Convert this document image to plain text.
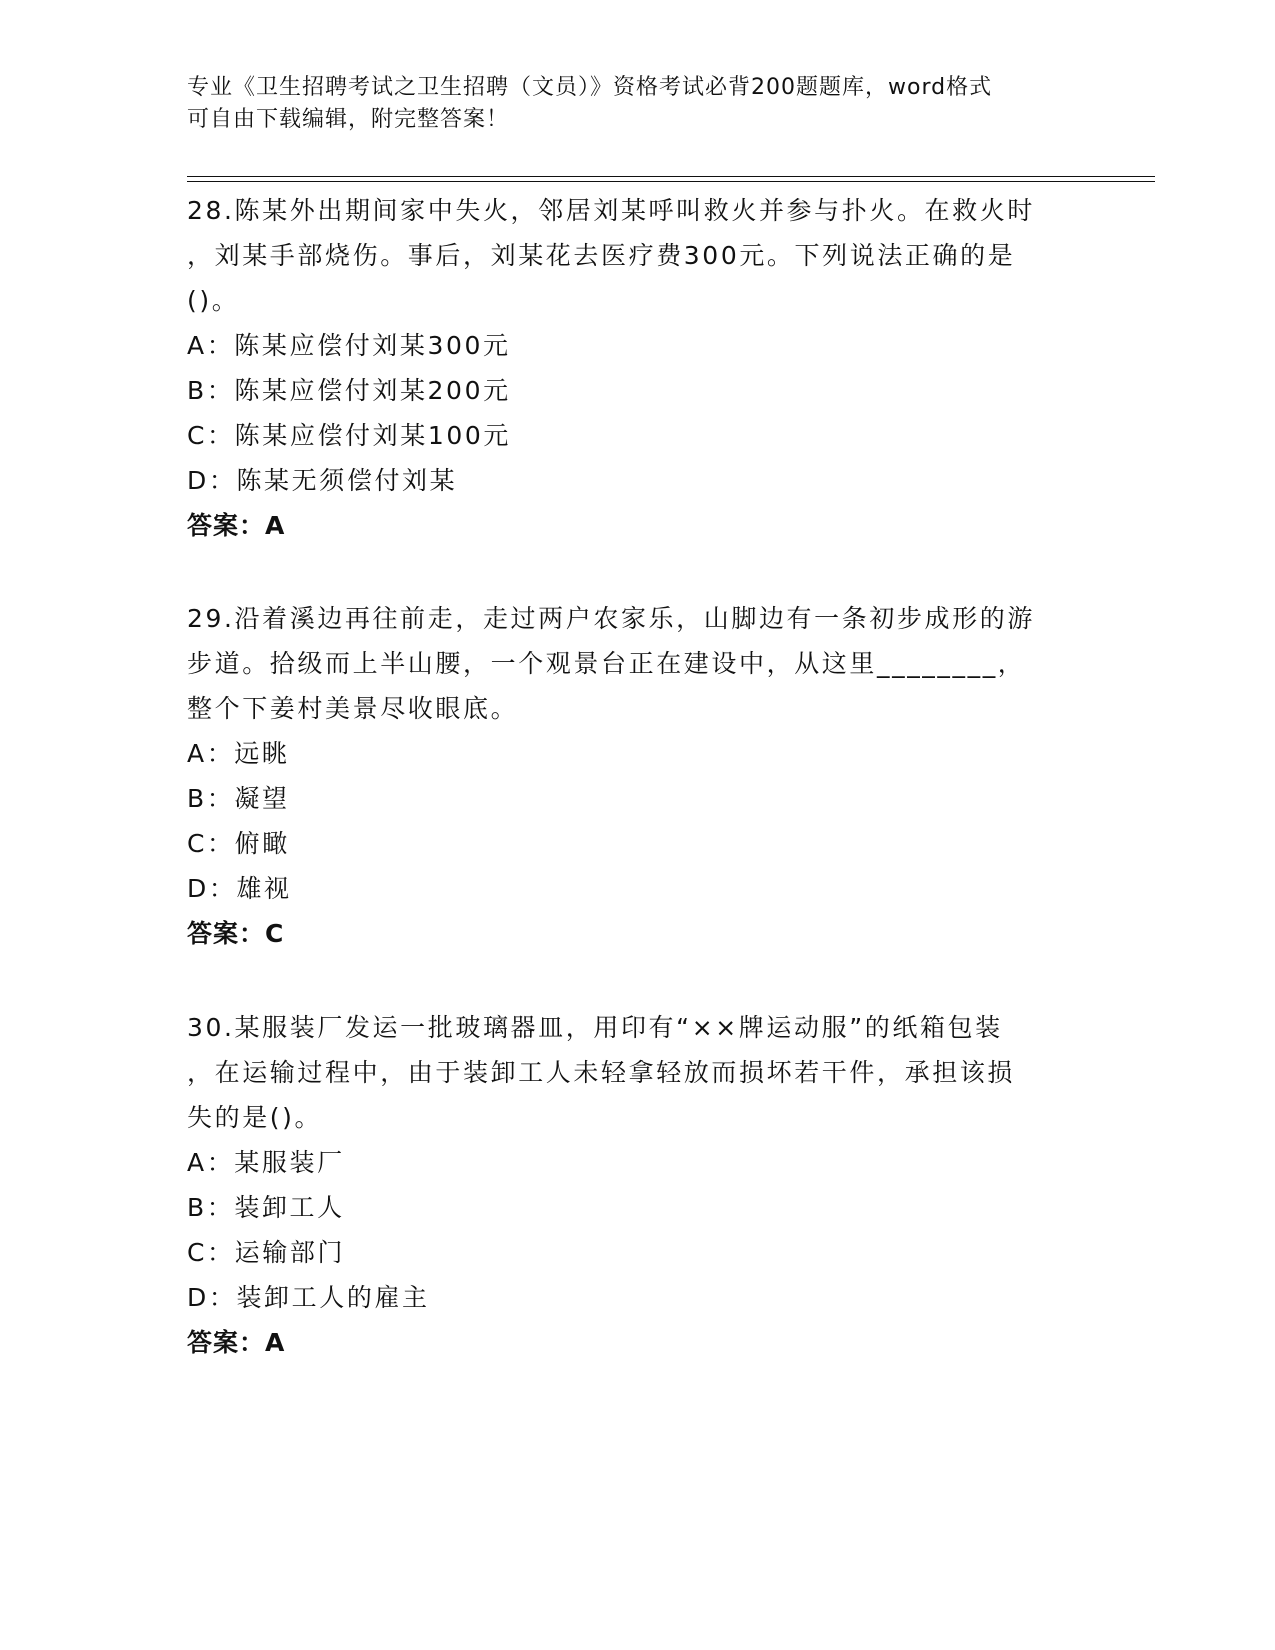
专业《卫生招聘考试之卫生招聘（文员）》资格考试必背200题题库，word格式
可自由下载编辑，附完整答案！
28.陈某外出期间家中失火，邻居刘某呼叫救火并参与扑火。在救火时
，刘某手部烧伤。事后，刘某花去医疗费300元。下列说法正确的是
()。
A：陈某应偿付刘某300元
B：陈某应偿付刘某200元
C：陈某应偿付刘某100元
D：陈某无须偿付刘某
答案：A
29.沿着溪边再往前走，走过两户农家乐，山脚边有一条初步成形的游
步道。拾级而上半山腰，一个观景台正在建设中，从这里________，
整个下姜村美景尽收眼底。
A：远眺
B：凝望
C：俯瞰
D：雄视
答案：C
30.某服装厂发运一批玻璃器皿，用印有“××牌运动服”的纸箱包装
，在运输过程中，由于装卸工人未轻拿轻放而损坏若干件，承担该损
失的是()。
A：某服装厂
B：装卸工人
C：运输部门
D：装卸工人的雇主
答案：A
